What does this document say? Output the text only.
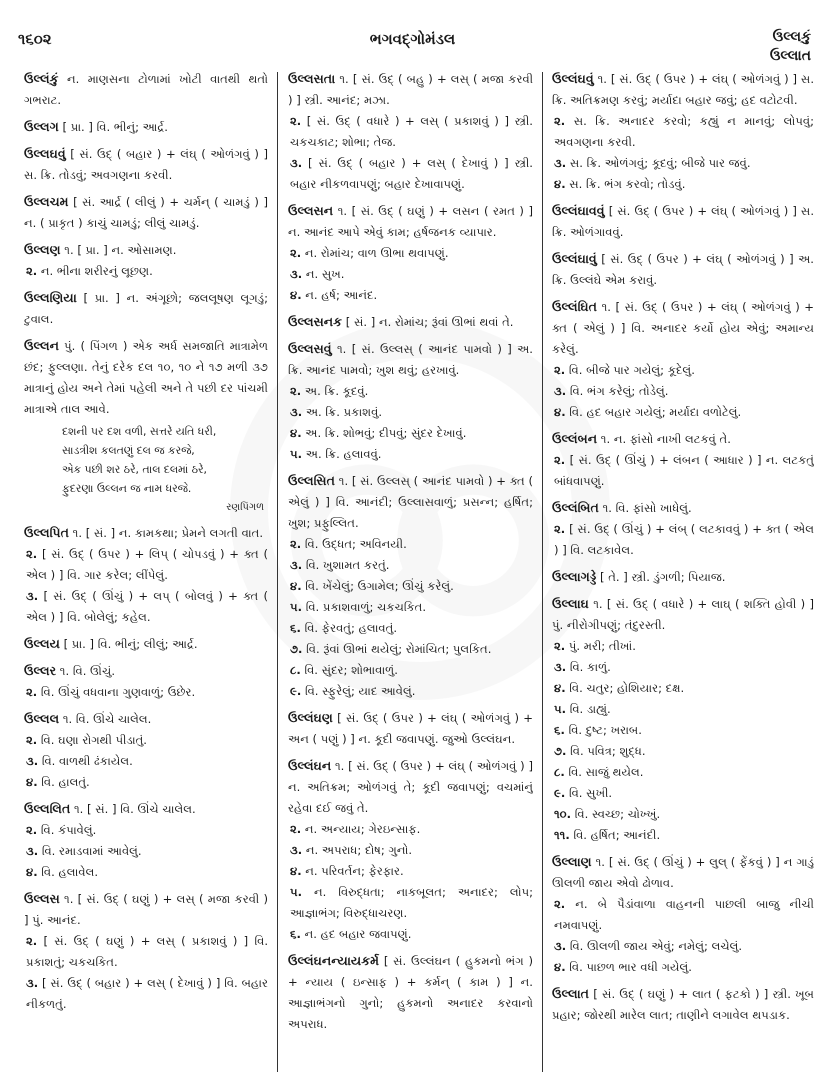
૧૬૦૨	ભગવદ્ગોમંડલ	ઉલ્લકું
ઉલ્લાત
ઉલ્લંકું ન. માણસના ટોળામાં ખોટી વાતથી થતો ગભરાટ.
ઉલ્લગ [ પ્રા. ] વિ. ભીનું; આર્દ્ર.
ઉલ્લઘવું [ સં. ઉદ્ ( બહાર ) + લંઘ્ ( ઓળંગવું ) ] સ. ક્રિ. તોડવું; અવગણના કરવી.
ઉલ્લચમ [ સં. આર્દ્ર ( લીલું ) + ચર્મન્ ( ચામડું ) ] ન. ( પ્રાકૃત ) કાચું ચામડું; લીલું ચામડું.
ઉલ્લણ ૧. [ પ્રા. ] ન. ઓસામણ.
૨. ન. ભીના શરીરનું લૂછણ.
ઉલ્લણિયા [ પ્રા. ] ન. અંગૂછો; જલલૂષણ લૂગડું; ટુવાલ.
ઉલ્લન પું. ( પિંગળ ) એક અર્ધ સમજાતિ માત્રામેળ છંદ; ફુલ્લણા. તેનું દરેક દલ ૧૦, ૧૦ ને ૧૭ મળી ૩૭ માત્રાનું હોય અને તેમાં પહેલી અને તે પછી દર પાંચમી માત્રાએ તાલ આવે.
દશની પર દશ વળી, સત્તરે યતિ ધરી,
સાડત્રીશ કલતણું દલ જ કરજે,
એક પછી શર ઠરે, તાલ દલમાં ઠરે,
ફુદરણા ઉલ્લન જ નામ ધરજે.
રણપિંગળ
ઉલ્લપિત ૧. [ સં. ] ન. કામકથા; પ્રેમને લગતી વાત.
૨. [ સં. ઉદ્ ( ઉપર ) + લિપ્ ( ચોપડવું ) + ક્ત ( એલ ) ] વિ. ગાર કરેલ; લીંપેલું.
૩. [ સં. ઉદ્ ( ઊંચું ) + લપ્ ( બોલવું ) + ક્ત ( એલ ) ] વિ. બોલેલું; કહેલ.
ઉલ્લય [ પ્રા. ] વિ. ભીનું; લીલું; આર્દ્ર.
ઉલ્લર ૧. વિ. ઊંચું.
૨. વિ. ઊંચું વધવાના ગુણવાળું; ઉછેર.
ઉલ્લલ ૧. વિ. ઊંચે ચાલેલ.
૨. વિ. ઘણા રોગથી પીડાતું.
૩. વિ. વાળથી ઢંકાયેલ.
૪. વિ. હાલતું.
ઉલ્લલિત ૧. [ સં. ] વિ. ઊંચે ચાલેલ.
૨. વિ. કંપાવેલું.
૩. વિ. રમાડવામાં આવેલું.
૪. વિ. હલાવેલ.
ઉલ્લસ ૧. [ સં. ઉદ્ ( ઘણું ) + લસ્ ( મજા કરવી ) ] પું. આનંદ.
૨. [ સં. ઉદ્ ( ઘણું ) + લસ્ ( પ્રકાશવું ) ] વિ. પ્રકાશતું; ચકચકિત.
૩. [ સં. ઉદ્ ( બહાર ) + લસ્ ( દેખાવું ) ] વિ. બહાર નીકળતું.
ઉલ્લસતા ૧. [ સં. ઉદ્ ( બહુ ) + લસ્ ( મજા કરવી ) ] સ્ત્રી. આનંદ; મઝા.
૨. [ સં. ઉદ્ ( વધારે ) + લસ્ ( પ્રકાશવું ) ] સ્ત્રી. ચકચકાટ; શોભા; તેજ.
૩. [ સં. ઉદ્ ( બહાર ) + લસ્ ( દેખાવું ) ] સ્ત્રી. બહાર નીકળવાપણું; બહાર દેખાવાપણું.
ઉલ્લસન ૧. [ સં. ઉદ્ ( ઘણું ) + લસન ( રમત ) ] ન. આનંદ આપે એવું કામ; હર્ષજનક વ્યાપાર.
૨. ન. રોમાંચ; વાળ ઊભા થવાપણું.
૩. ન. સુખ.
૪. ન. હર્ષ; આનંદ.
ઉલ્લસનક [ સં. ] ન. રોમાંચ; રૂંવાં ઊભાં થવાં તે.
ઉલ્લસવું ૧. [ સં. ઉલ્લસ્ ( આનંદ પામવો ) ] અ. ક્રિ. આનંદ પામવો; ખુશ થવું; હરખાવું.
૨. અ. ક્રિ. કૂદવું.
૩. અ. ક્રિ. પ્રકાશવું.
૪. અ. ક્રિ. શોભવું; દીપવું; સુંદર દેખાવું.
૫. અ. ક્રિ. હલાવવું.
ઉલ્લસિત ૧. [ સં. ઉલ્લસ્ ( આનંદ પામવો ) + ક્ત ( એલું ) ] વિ. આનંદી; ઉલ્લાસવાળું; પ્રસન્ન; હર્ષિત; ખુશ; પ્રફુલ્લિત.
૨. વિ. ઉદ્ધત; અવિનયી.
૩. વિ. ખુશામત કરતું.
૪. વિ. ખેંચેલું; ઉગામેલ; ઊંચું કરેલું.
૫. વિ. પ્રકાશવાળું; ચકચકિત.
૬. વિ. ફેરવતું; હલાવતું.
૭. વિ. રૂંવાં ઊભાં થયેલું; રોમાંચિત; પુલકિત.
૮. વિ. સુંદર; શોભાવાળું.
૯. વિ. સ્ફુરેલું; યાદ આવેલું.
ઉલ્લંઘણ [ સં. ઉદ્ ( ઉપર ) + લંઘ્ ( ઓળંગવું ) + અન ( પણું ) ] ન. કૂદી જવાપણું. જુઓ ઉલ્લંઘન.
ઉલ્લંઘન ૧. [ સં. ઉદ્ ( ઉપર ) + લંઘ્ ( ઓળંગવું ) ] ન. અતિક્રમ; ઓળંગવું તે; કૂદી જવાપણું; વચમાંનું રહેવા દઈ જવું તે.
૨. ન. અન્યાય; ગેરઇન્સાફ.
૩. ન. અપરાધ; દોષ; ગુનો.
૪. ન. પરિવર્તન; ફેરફાર.
૫. ન. વિરુદ્ધતા; નાકબૂલત; અનાદર; લોપ; આજ્ઞાભંગ; વિરુદ્ધાચરણ.
૬. ન. હદ બહાર જવાપણું.
ઉલ્લંઘનન્યાયકર્મ [ સં. ઉલ્લંઘન ( હુકમનો ભંગ ) + ન્યાય ( ઇન્સાફ ) + કર્મન્ ( કામ ) ] ન. આજ્ઞાભંગનો ગુનો; હુકમનો અનાદર કરવાનો અપરાધ.
ઉલ્લંઘવું ૧. [ સં. ઉદ્ ( ઉપર ) + લંઘ્ ( ઓળંગવું ) ] સ. ક્રિ. અતિક્રમણ કરવું; મર્યાદા બહાર જવું; હદ વટોટવી.
૨. સ. ક્રિ. અનાદર કરવો; કહ્યું ન માનવું; લોપવું; અવગણના કરવી.
૩. સ. ક્રિ. ઓળંગવું; કૂદવું; બીજે પાર જવું.
૪. સ. ક્રિ. ભંગ કરવો; તોડવું.
ઉલ્લંઘાવવું [ સં. ઉદ્ ( ઉપર ) + લંઘ્ ( ઓળંગવું ) ] સ. ક્રિ. ઓળંગાવવું.
ઉલ્લંઘાવું [ સં. ઉદ્ ( ઉપર ) + લંઘ્ ( ઓળંગવું ) ] અ. ક્રિ. ઉલ્લંઘે એમ કરાવું.
ઉલ્લંઘિત ૧. [ સં. ઉદ્ ( ઉપર ) + લંઘ્ ( ઓળંગવું ) + ક્ત ( એલું ) ] વિ. અનાદર કર્યો હોય એવું; અમાન્ય કરેલું.
૨. વિ. બીજે પાર ગયેલું; કૂદેલું.
૩. વિ. ભંગ કરેલું; તોડેલું.
૪. વિ. હદ બહાર ગયેલું; મર્યાદા વળોટેલું.
ઉલ્લંબન ૧. ન. ફાંસો નાખી લટકવું તે.
૨. [ સં. ઉદ્ ( ઊંચું ) + લંબન ( આધાર ) ] ન. લટકતું બાંધવાપણું.
ઉલ્લંબિત ૧. વિ. ફાંસો ખાધેલું.
૨. [ સં. ઉદ્ ( ઊંચું ) + લંબ્ ( લટકાવવું ) + ક્ત ( એલ ) ] વિ. લટકાવેલ.
ઉલ્લાગડ્ડે [ તે. ] સ્ત્રી. ડુંગળી; પિયાજ.
ઉલ્લાઘ ૧. [ સં. ઉદ્ ( વધારે ) + લાઘ્ ( શક્તિ હોવી ) ] પું. નીરોગીપણું; તંદુરસ્તી.
૨. પું. મરી; તીખાં.
૩. વિ. કાળું.
૪. વિ. ચતુર; હોશિયાર; દક્ષ.
૫. વિ. ડાહ્યું.
૬. વિ. દુષ્ટ; ખરાબ.
૭. વિ. પવિત્ર; શુદ્ધ.
૮. વિ. સાજું થયેલ.
૯. વિ. સુખી.
૧૦. વિ. સ્વચ્છ; ચોખ્ખું.
૧૧. વિ. હર્ષિત; આનંદી.
ઉલ્લાણ ૧. [ સં. ઉદ્ ( ઊંચું ) + લુલ્ ( ફેંકવું ) ] ન ગાડું ઊલળી જાય એવો ઢોળાવ.
૨. ન. બે પૈડાંવાળા વાહનની પાછલી બાજુ નીચી નમવાપણું.
૩. વિ. ઊલળી જાય એવું; નમેલું; લચેલું.
૪. વિ. પાછળ ભાર વધી ગયેલું.
ઉલ્લાત [ સં. ઉદ્ ( ઘણું ) + લાત ( ફટકો ) ] સ્ત્રી. ખૂબ પ્રહાર; જોરથી મારેલ લાત; તાણીને લગાવેલ થપડાક.
